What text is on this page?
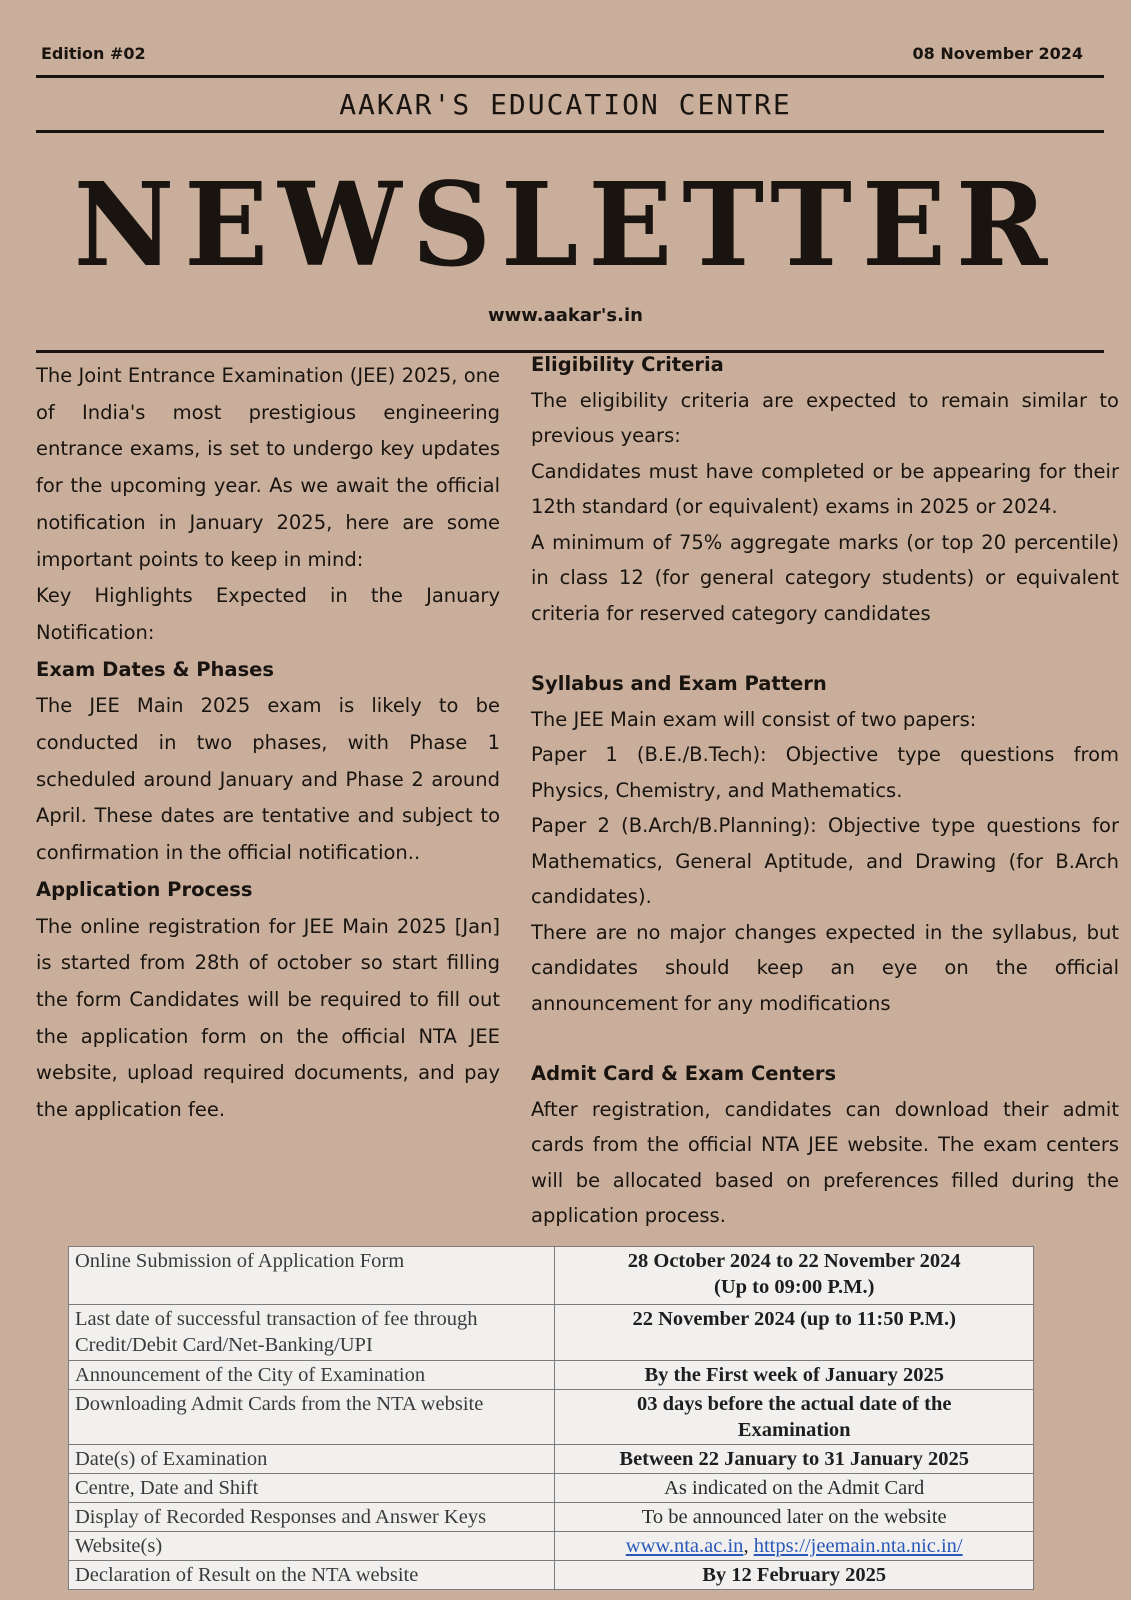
Edition #02	08 November 2024
AAKAR'S EDUCATION CENTRE
NEWSLETTER
www.aakar's.in

The Joint Entrance Examination (JEE) 2025, one of India's most prestigious engineering entrance exams, is set to undergo key updates for the upcoming year. As we await the official notification in January 2025, here are some important points to keep in mind:

Key Highlights Expected in the January Notification:

Exam Dates & Phases

The JEE Main 2025 exam is likely to be conducted in two phases, with Phase 1 scheduled around January and Phase 2 around April. These dates are tentative and subject to confirmation in the official notification..

Application Process

The online registration for JEE Main 2025 [Jan] is started from 28th of october so start filling the form Candidates will be required to fill out the application form on the official NTA JEE website, upload required documents, and pay the application fee.

Eligibility Criteria

The eligibility criteria are expected to remain similar to previous years:

Candidates must have completed or be appearing for their 12th standard (or equivalent) exams in 2025 or 2024.

A minimum of 75% aggregate marks (or top 20 percentile) in class 12 (for general category students) or equivalent criteria for reserved category candidates

Syllabus and Exam Pattern

The JEE Main exam will consist of two papers:

Paper 1 (B.E./B.Tech): Objective type questions from Physics, Chemistry, and Mathematics.

Paper 2 (B.Arch/B.Planning): Objective type questions for Mathematics, General Aptitude, and Drawing (for B.Arch candidates).

There are no major changes expected in the syllabus, but candidates should keep an eye on the official announcement for any modifications

Admit Card & Exam Centers

After registration, candidates can download their admit cards from the official NTA JEE website. The exam centers will be allocated based on preferences filled during the application process.

Online Submission of Application Form	28 October 2024 to 22 November 2024
(Up to 09:00 P.M.)

Last date of successful transaction of fee through
Credit/Debit Card/Net-Banking/UPI	22 November 2024 (up to 11:50 P.M.)

Announcement of the City of Examination	By the First week of January 2025
Downloading Admit Cards from the NTA website	03 days before the actual date of the
Examination

Date(s) of Examination	Between 22 January to 31 January 2025
Centre, Date and Shift	As indicated on the Admit Card
Display of Recorded Responses and Answer Keys	To be announced later on the website
Website(s)	www.nta.ac.in, https://jeemain.nta.nic.in/
Declaration of Result on the NTA website	By 12 February 2025
